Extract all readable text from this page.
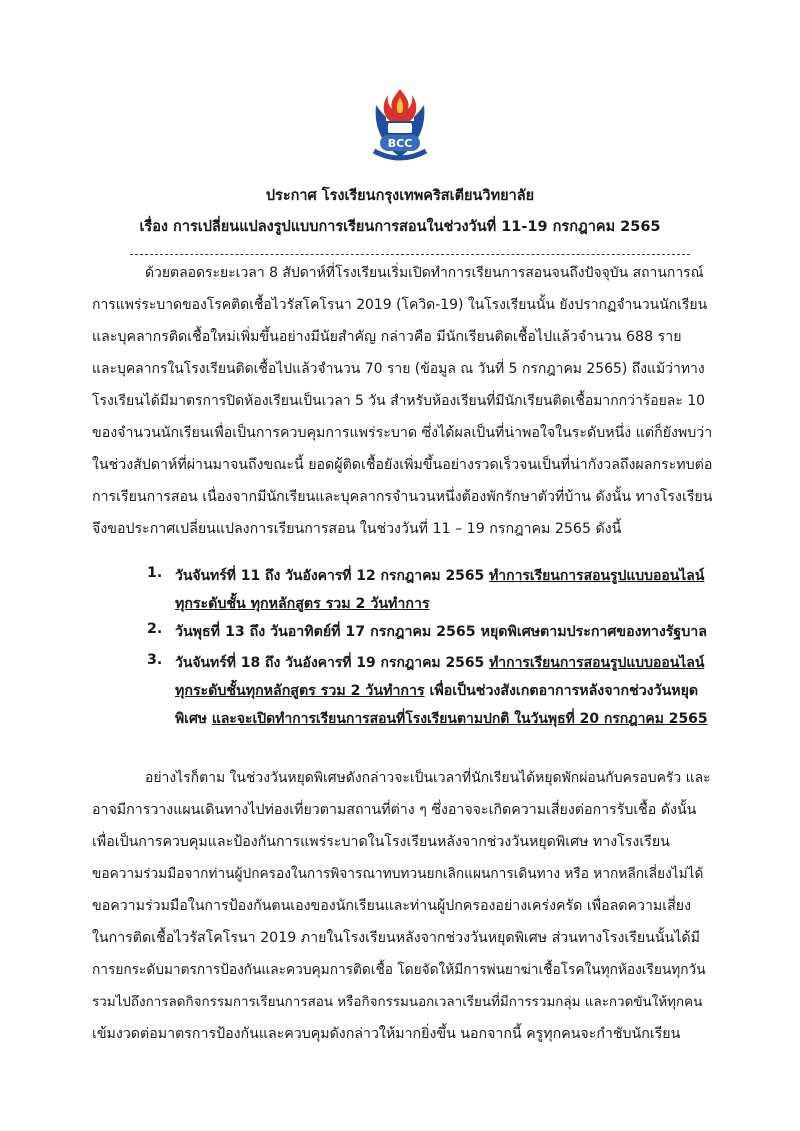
BCC
ประกาศ โรงเรียนกรุงเทพคริสเตียนวิทยาลัย
เรื่อง การเปลี่ยนแปลงรูปแบบการเรียนการสอนในช่วงวันที่ 11-19 กรกฎาคม 2565
ด้วยตลอดระยะเวลา 8 สัปดาห์ที่โรงเรียนเริ่มเปิดทำการเรียนการสอนจนถึงปัจจุบัน สถานการณ์
การแพร่ระบาดของโรคติดเชื้อไวรัสโคโรนา 2019 (โควิด-19) ในโรงเรียนนั้น ยังปรากฏจำนวนนักเรียน
และบุคลากรติดเชื้อใหม่เพิ่มขึ้นอย่างมีนัยสำคัญ กล่าวคือ มีนักเรียนติดเชื้อไปแล้วจำนวน 688 ราย
และบุคลากรในโรงเรียนติดเชื้อไปแล้วจำนวน 70 ราย (ข้อมูล ณ วันที่ 5 กรกฎาคม 2565) ถึงแม้ว่าทาง
โรงเรียนได้มีมาตรการปิดห้องเรียนเป็นเวลา 5 วัน สำหรับห้องเรียนที่มีนักเรียนติดเชื้อมากกว่าร้อยละ 10
ของจำนวนนักเรียนเพื่อเป็นการควบคุมการแพร่ระบาด ซึ่งได้ผลเป็นที่น่าพอใจในระดับหนึ่ง แต่ก็ยังพบว่า
ในช่วงสัปดาห์ที่ผ่านมาจนถึงขณะนี้ ยอดผู้ติดเชื้อยังเพิ่มขึ้นอย่างรวดเร็วจนเป็นที่น่ากังวลถึงผลกระทบต่อ
การเรียนการสอน เนื่องจากมีนักเรียนและบุคลากรจำนวนหนึ่งต้องพักรักษาตัวที่บ้าน ดังนั้น ทางโรงเรียน
จึงขอประกาศเปลี่ยนแปลงการเรียนการสอน ในช่วงวันที่ 11 – 19 กรกฎาคม 2565 ดังนี้
1. วันจันทร์ที่ 11 ถึง วันอังคารที่ 12 กรกฎาคม 2565 ทำการเรียนการสอนรูปแบบออนไลน์
ทุกระดับชั้น ทุกหลักสูตร รวม 2 วันทำการ
2. วันพุธที่ 13 ถึง วันอาทิตย์ที่ 17 กรกฎาคม 2565 หยุดพิเศษตามประกาศของทางรัฐบาล
3. วันจันทร์ที่ 18 ถึง วันอังคารที่ 19 กรกฎาคม 2565 ทำการเรียนการสอนรูปแบบออนไลน์
ทุกระดับชั้นทุกหลักสูตร รวม 2 วันทำการ เพื่อเป็นช่วงสังเกตอาการหลังจากช่วงวันหยุด
พิเศษ และจะเปิดทำการเรียนการสอนที่โรงเรียนตามปกติ ในวันพุธที่ 20 กรกฎาคม 2565
อย่างไรก็ตาม ในช่วงวันหยุดพิเศษดังกล่าวจะเป็นเวลาที่นักเรียนได้หยุดพักผ่อนกับครอบครัว และ
อาจมีการวางแผนเดินทางไปท่องเที่ยวตามสถานที่ต่าง ๆ ซึ่งอาจจะเกิดความเสี่ยงต่อการรับเชื้อ ดังนั้น
เพื่อเป็นการควบคุมและป้องกันการแพร่ระบาดในโรงเรียนหลังจากช่วงวันหยุดพิเศษ ทางโรงเรียน
ขอความร่วมมือจากท่านผู้ปกครองในการพิจารณาทบทวนยกเลิกแผนการเดินทาง หรือ หากหลีกเลี่ยงไม่ได้
ขอความร่วมมือในการป้องกันตนเองของนักเรียนและท่านผู้ปกครองอย่างเคร่งครัด เพื่อลดความเสี่ยง
ในการติดเชื้อไวรัสโคโรนา 2019 ภายในโรงเรียนหลังจากช่วงวันหยุดพิเศษ ส่วนทางโรงเรียนนั้นได้มี
การยกระดับมาตรการป้องกันและควบคุมการติดเชื้อ โดยจัดให้มีการพ่นยาฆ่าเชื้อโรคในทุกห้องเรียนทุกวัน
รวมไปถึงการลดกิจกรรมการเรียนการสอน หรือกิจกรรมนอกเวลาเรียนที่มีการรวมกลุ่ม และกวดขันให้ทุกคน
เข้มงวดต่อมาตรการป้องกันและควบคุมดังกล่าวให้มากยิ่งขึ้น นอกจากนี้ ครูทุกคนจะกำชับนักเรียน
